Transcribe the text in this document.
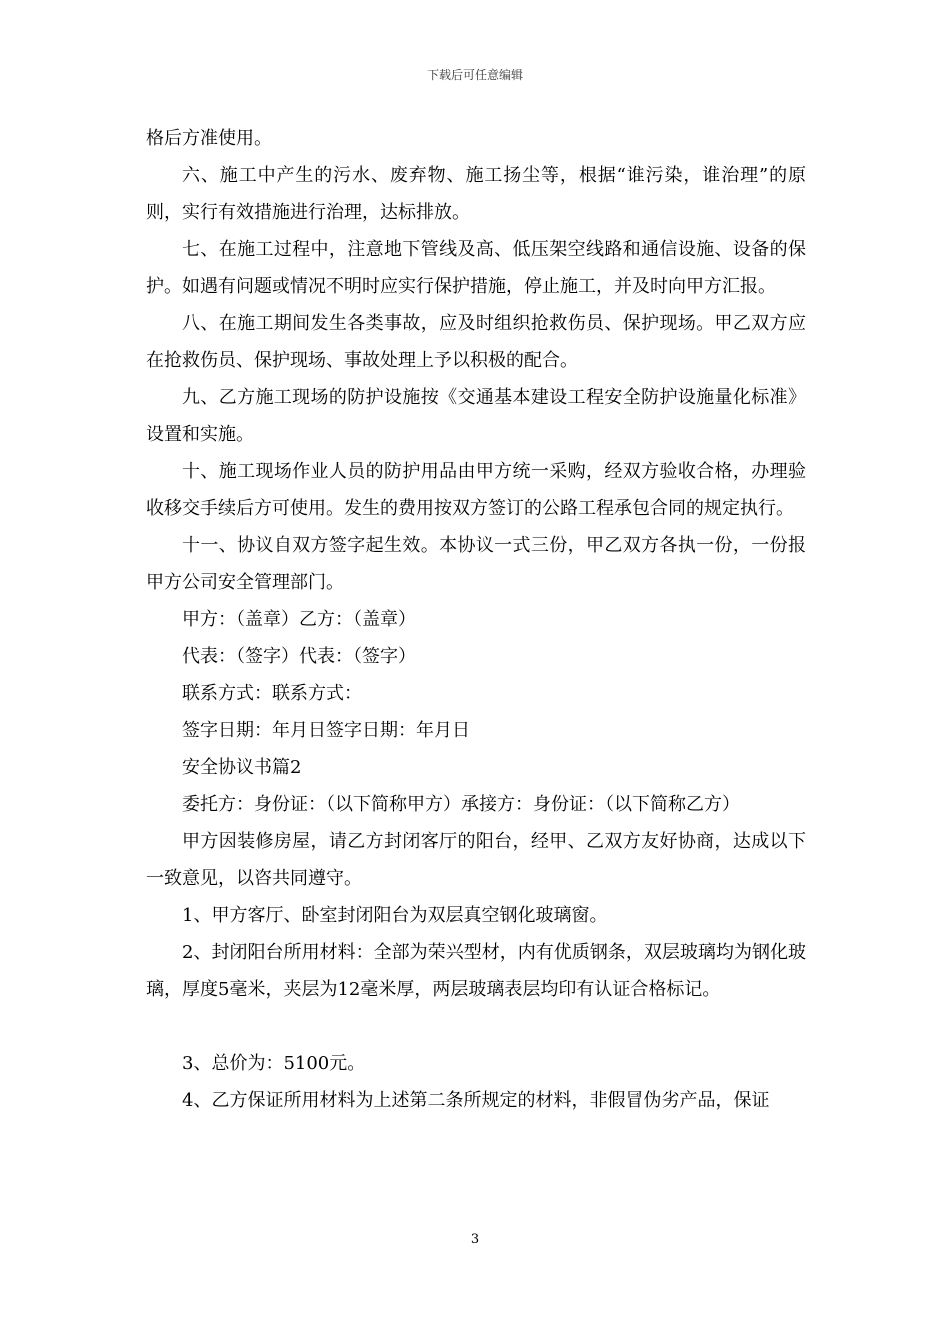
下载后可任意编辑

格后方准使用。

六、施工中产生的污水、废弃物、施工扬尘等，根据“谁污染，谁治理”的原则，实行有效措施进行治理，达标排放。

七、在施工过程中，注意地下管线及高、低压架空线路和通信设施、设备的保护。如遇有问题或情况不明时应实行保护措施，停止施工，并及时向甲方汇报。

八、在施工期间发生各类事故，应及时组织抢救伤员、保护现场。甲乙双方应在抢救伤员、保护现场、事故处理上予以积极的配合。

九、乙方施工现场的防护设施按《交通基本建设工程安全防护设施量化标准》设置和实施。

十、施工现场作业人员的防护用品由甲方统一采购，经双方验收合格，办理验收移交手续后方可使用。发生的费用按双方签订的公路工程承包合同的规定执行。

十一、协议自双方签字起生效。本协议一式三份，甲乙双方各执一份，一份报甲方公司安全管理部门。

甲方：（盖章）乙方：（盖章）

代表：（签字）代表：（签字）

联系方式：联系方式：

签字日期：年月日签字日期：年月日

安全协议书篇2

委托方：身份证：（以下简称甲方）承接方：身份证：（以下简称乙方）

甲方因装修房屋，请乙方封闭客厅的阳台，经甲、乙双方友好协商，达成以下一致意见，以咨共同遵守。

1、甲方客厅、卧室封闭阳台为双层真空钢化玻璃窗。

2、封闭阳台所用材料：全部为荣兴型材，内有优质钢条，双层玻璃均为钢化玻璃，厚度5毫米，夹层为12毫米厚，两层玻璃表层均印有认证合格标记。

3、总价为：5100元。

4、乙方保证所用材料为上述第二条所规定的材料，非假冒伪劣产品，保证

3
